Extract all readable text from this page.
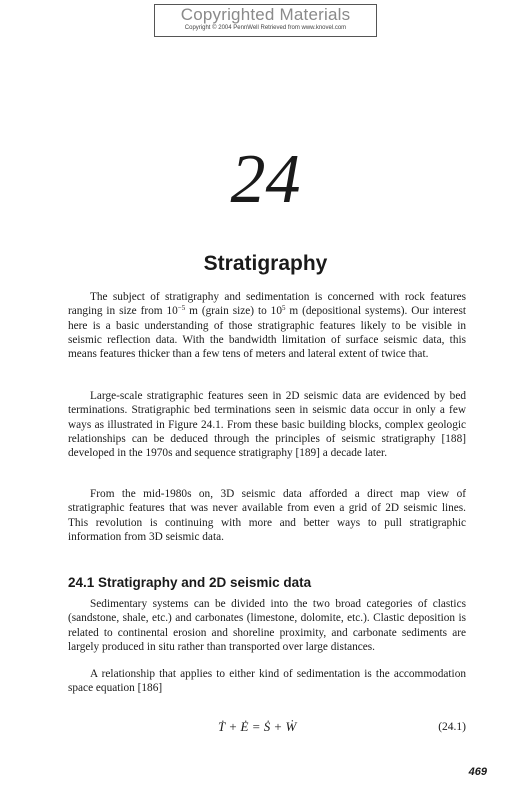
Copyrighted Materials
Copyright © 2004 PennWell Retrieved from www.knovel.com
24
Stratigraphy

The subject of stratigraphy and sedimentation is concerned with rock features ranging in size from $10^{-5}$ m (grain size) to $10^5$ m (depositional systems). Our interest here is a basic understanding of those stratigraphic features likely to be visible in seismic reflection data. With the bandwidth limitation of surface seismic data, this means features thicker than a few tens of meters and lateral extent of twice that.

Large-scale stratigraphic features seen in 2D seismic data are evidenced by bed terminations. Stratigraphic bed terminations seen in seismic data occur in only a few ways as illustrated in Figure 24.1. From these basic building blocks, complex geologic relationships can be deduced through the principles of seismic stratigraphy [188] developed in the 1970s and sequence stratigraphy [189] a decade later.

From the mid-1980s on, 3D seismic data afforded a direct map view of stratigraphic features that was never available from even a grid of 2D seismic lines. This revolution is continuing with more and better ways to pull stratigraphic information from 3D seismic data.

24.1 Stratigraphy and 2D seismic data

Sedimentary systems can be divided into the two broad categories of clastics (sandstone, shale, etc.) and carbonates (limestone, dolomite, etc.). Clastic deposition is related to continental erosion and shoreline proximity, and carbonate sediments are largely produced in situ rather than transported over large distances.

A relationship that applies to either kind of sedimentation is the accommodation space equation [186]

Ṫ + Ė = Ṡ + Ẇ	(24.1)
469
